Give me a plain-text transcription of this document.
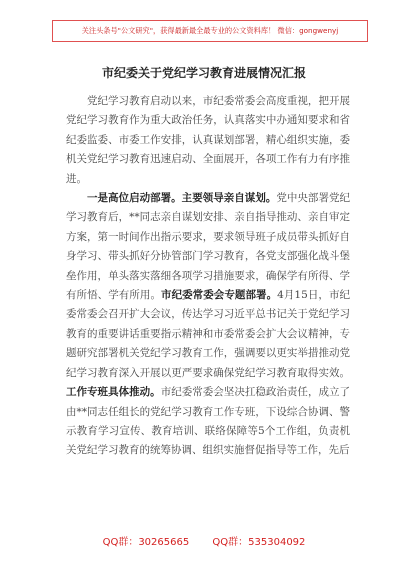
关注头条号"公文研究"，获得最新最全最专业的公文资料库！ 微信：gongwenyj
市纪委关于党纪学习教育进展情况汇报

党纪学习教育启动以来，市纪委常委会高度重视，把开展党纪学习教育作为重大政治任务，认真落实中办通知要求和省纪委监委、市委工作安排，认真谋划部署，精心组织实施，委机关党纪学习教育迅速启动、全面展开，各项工作有力有序推进。

一是高位启动部署。主要领导亲自谋划。党中央部署党纪学习教育后，**同志亲自谋划安排、亲自指导推动、亲自审定方案，第一时间作出指示要求，要求领导班子成员带头抓好自身学习、带头抓好分协管部门学习教育，各党支部强化战斗堡垒作用，单头落实落细各项学习措施要求，确保学有所得、学有所悟、学有所用。市纪委常委会专题部署。4月15日，市纪委常委会召开扩大会议，传达学习习近平总书记关于党纪学习教育的重要讲话重要指示精神和市委常委会扩大会议精神，专题研究部署机关党纪学习教育工作，强调要以更实举措推动党纪学习教育深入开展以更严要求确保党纪学习教育取得实效。工作专班具体推动。市纪委常委会坚决扛稳政治责任，成立了由**同志任组长的党纪学习教育工作专班，下设综合协调、警示教育学习宣传、教育培训、联络保障等5个工作组，负责机关党纪学习教育的统筹协调、组织实施督促指导等工作，先后

QQ群：30265665 QQ群：535304092
